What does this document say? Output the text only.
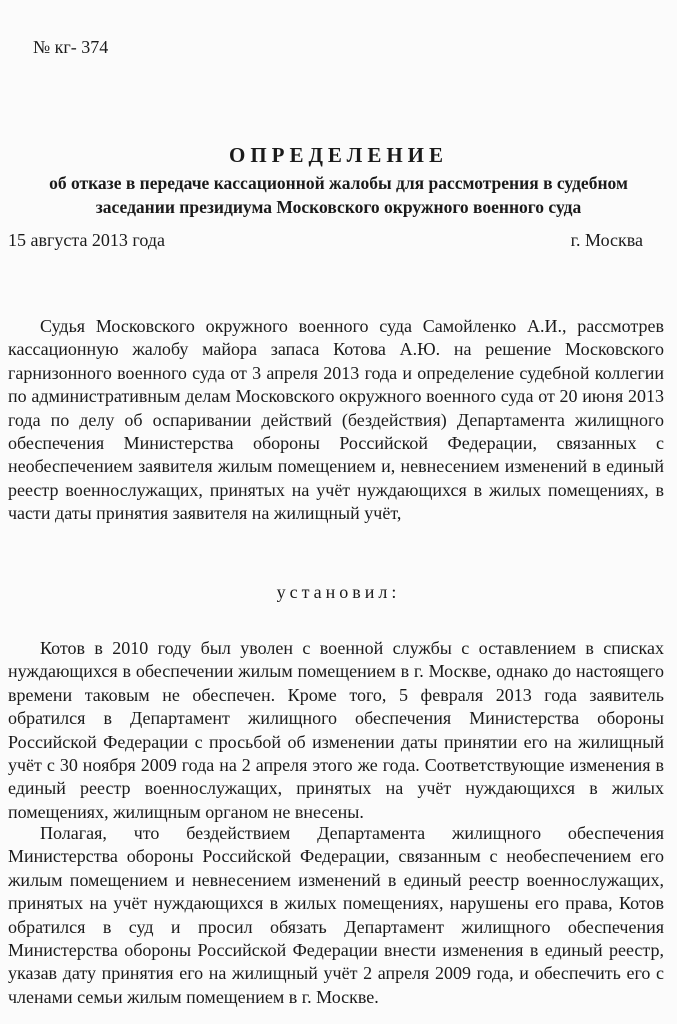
№ кг- 374
ОПРЕДЕЛЕНИЕ
об отказе в передаче кассационной жалобы для рассмотрения в судебном
заседании президиума Московского окружного военного суда
15 августа 2013 года	г. Москва

Судья Московского окружного военного суда Самойленко А.И., рассмотрев кассационную жалобу майора запаса Котова А.Ю. на решение Московского гарнизонного военного суда от 3 апреля 2013 года и определение судебной коллегии по административным делам Московского окружного военного суда от 20 июня 2013 года по делу об оспаривании действий (бездействия) Департамента жилищного обеспечения Министерства обороны Российской Федерации, связанных с необеспечением заявителя жилым помещением и, невнесением изменений в единый реестр военнослужащих, принятых на учёт нуждающихся в жилых помещениях, в части даты принятия заявителя на жилищный учёт,

установил:

Котов в 2010 году был уволен с военной службы с оставлением в списках нуждающихся в обеспечении жилым помещением в г. Москве, однако до настоящего времени таковым не обеспечен. Кроме того, 5 февраля 2013 года заявитель обратился в Департамент жилищного обеспечения Министерства обороны Российской Федерации с просьбой об изменении даты принятии его на жилищный учёт с 30 ноября 2009 года на 2 апреля этого же года. Соответствующие изменения в единый реестр военнослужащих, принятых на учёт нуждающихся в жилых помещениях, жилищным органом не внесены.

Полагая, что бездействием Департамента жилищного обеспечения Министерства обороны Российской Федерации, связанным с необеспечением его жилым помещением и невнесением изменений в единый реестр военнослужащих, принятых на учёт нуждающихся в жилых помещениях, нарушены его права, Котов обратился в суд и просил обязать Департамент жилищного обеспечения Министерства обороны Российской Федерации внести изменения в единый реестр, указав дату принятия его на жилищный учёт 2 апреля 2009 года, и обеспечить его с членами семьи жилым помещением в г. Москве.
